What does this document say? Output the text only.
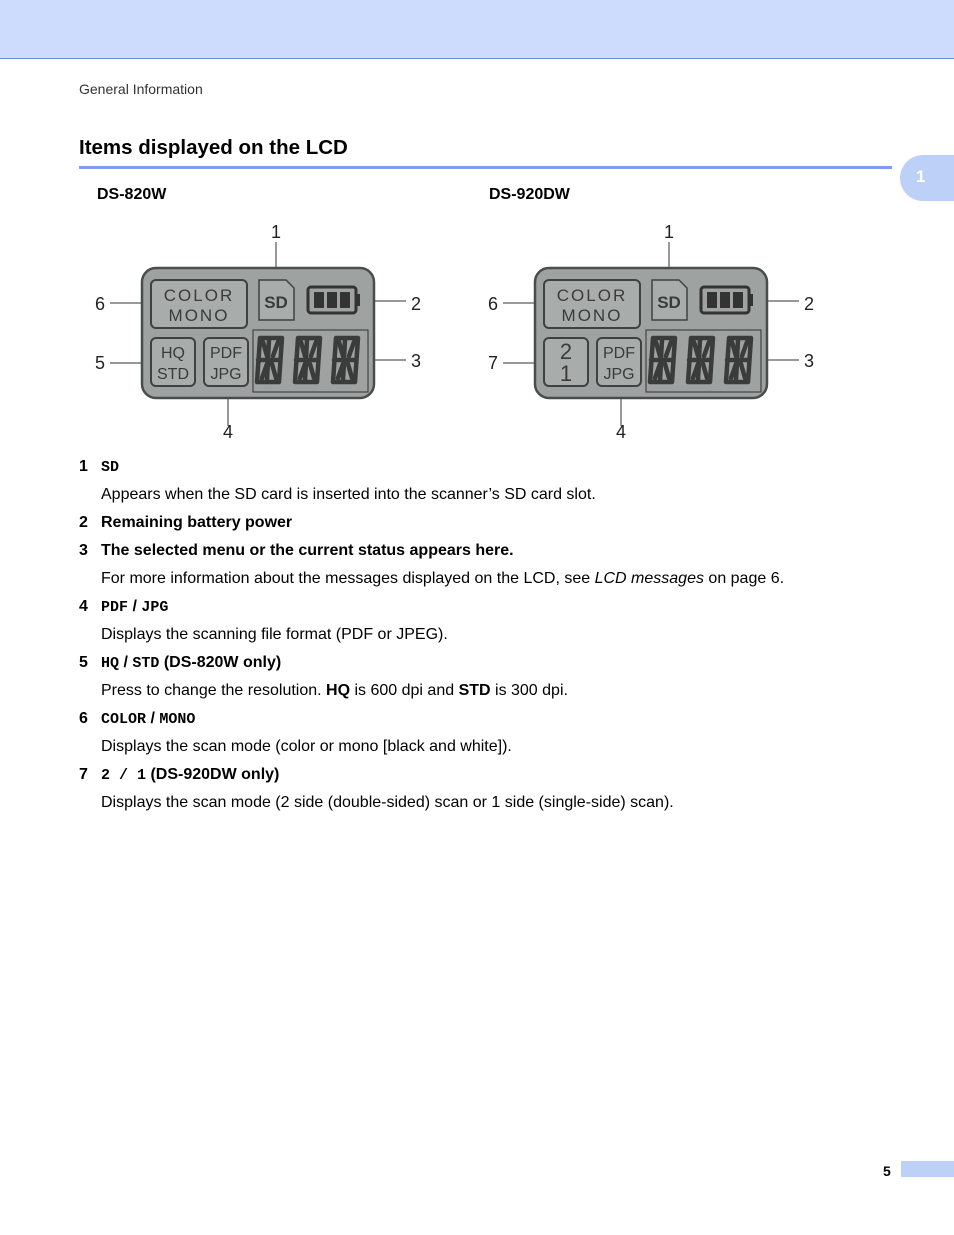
General Information
Items displayed on the LCD
1
DS-820W
1
2
3
4
5
6	COLOR
MONO
SD
HQ
STD
PDF
JPG
DS-920DW
1
2
3
4
7
6	COLOR
MONO
SD
2
1
PDF
JPG
1 SD
Appears when the SD card is inserted into the scanner’s SD card slot.
2 Remaining battery power
3 The selected menu or the current status appears here.
For more information about the messages displayed on the LCD, see LCD messages on page 6.
4 PDF / JPG
Displays the scanning file format (PDF or JPEG).
5 HQ / STD (DS-820W only)
Press to change the resolution. HQ is 600 dpi and STD is 300 dpi.
6 COLOR / MONO
Displays the scan mode (color or mono [black and white]).
7 2 / 1 (DS-920DW only)
Displays the scan mode (2 side (double-sided) scan or 1 side (single-side) scan).
5
